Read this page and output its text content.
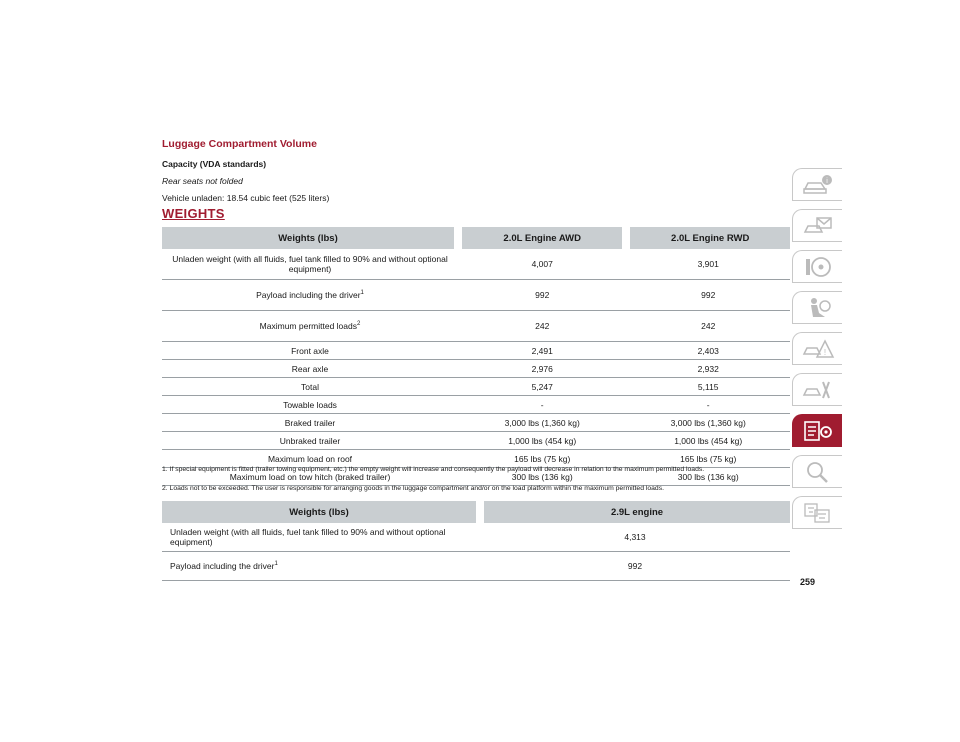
Luggage Compartment Volume

Capacity (VDA standards)

Rear seats not folded

Vehicle unladen: 18.54 cubic feet (525 liters)

WEIGHTS
Weights (lbs)	2.0L Engine AWD	2.0L Engine RWD
Unladen weight (with all fluids, fuel tank filled to 90% and without optional equipment)	4,007	3,901
Payload including the driver$^1$	992	992
Maximum permitted loads$^2$	242	242
Front axle	2,491	2,403
Rear axle	2,976	2,932
Total	5,247	5,115
Towable loads	-	-
Braked trailer	3,000 lbs (1,360 kg)	3,000 lbs (1,360 kg)
Unbraked trailer	1,000 lbs (454 kg)	1,000 lbs (454 kg)
Maximum load on roof	165 lbs (75 kg)	165 lbs (75 kg)
Maximum load on tow hitch (braked trailer)	300 lbs (136 kg)	300 lbs (136 kg)

1. If special equipment is fitted (trailer towing equipment, etc.) the empty weight will increase and consequently the payload will decrease in relation to the maximum permitted loads.

2. Loads not to be exceeded. The user is responsible for arranging goods in the luggage compartment and/or on the load platform within the maximum permitted loads.

Weights (lbs)	2.9L engine
Unladen weight (with all fluids, fuel tank filled to 90% and without optional equipment)	4,313
Payload including the driver$^1$	992

259

i
!
